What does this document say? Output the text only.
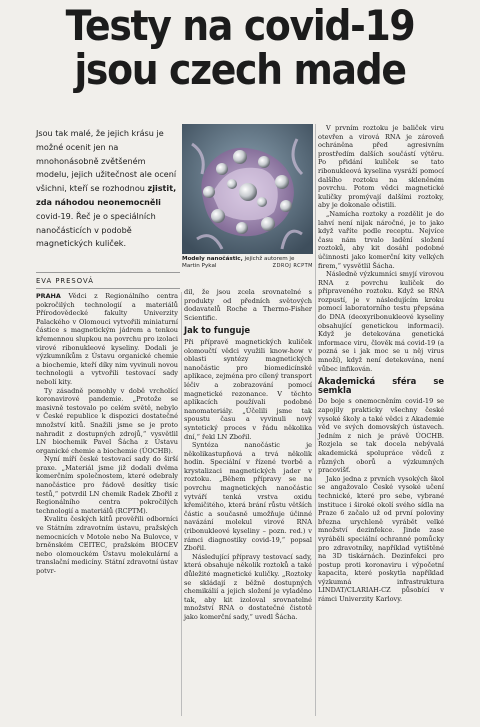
Testy na covid-19
jsou czech made
Jsou tak malé, že jejich krásu je možné ocenit jen na mnohonásobně zvětšeném modelu, jejich užitečnost ale ocení všichni, kteří se rozhodnou zjistit, zda náhodou neonemocněli covid-19. Řeč je o speciálních nanočásticích v podobě magnetických kuliček.
EVA PRESOVÁ
Modely nanočástic, jejichž autorem je Martin Pykal	ZDROJ RCPTM

PRAHA Vědci z Regionálního centra pokročilých technologií a materiálů Přírodovědecké fakulty Univerzity Palackého v Olomouci vytvořili miniaturní částice s magnetickým jádrem a tenkou křemennou slupkou na povrchu pro izolaci virové ribonukleové kyseliny. Dodali je výzkumníkům z Ústavu organické chemie a biochemie, kteří díky nim vyvinuli novou technologii a vytvořili testovací sady nebolí kity.

Ty zásadně pomohly v době vrcholící koronavirové pandemie. „Protože se masivně testovalo po celém světě, nebylo v České republice k dispozici dostatečné množství kitů. Snažili jsme se je proto nahradit z dostupných zdrojů,“ vysvětlil LN biochemik Pavel Šácha z Ústavu organické chemie a biochemie (ÚOCHB).

Nyní míří české testovací sady do širší praxe. „Materiál jsme již dodali dvěma komerčním společnostem, které odebraly nanočástice pro řádově desítky tisíc testů,“ potvrdil LN chemik Radek Zbořil z Regionálního centra pokročilých technologií a materiálů (RCPTM).

Kvalitu českých kitů prověřili odborníci ve Státním zdravotním ústavu, pražských nemocnicích v Motole nebo Na Bulovce, v brněnském CEITEC, pražském BIOCEV nebo olomouckém Ústavu molekulární a translační medicíny. Státní zdravotní ústav potvr-

dil, že jsou zcela srovnatelné s produkty od předních světových dodavatelů Roche a Thermo-Fisher Scientific.

Jak to funguje

Při přípravě magnetických kuliček olomoučtí vědci využili know-how v oblasti syntézy magnetických nanočástic pro biomedicínské aplikace, zejména pro cílený transport léčiv a zobrazování pomocí magnetické rezonance. V těchto aplikacích používali podobné nanomateriály. „Účelili jsme tak spoustu času a vyvinuli nový syntetický proces v řádu několika dní,“ řekl LN Zbořil.

Syntéza nanočástic je několikastupňová a trvá několik hodin. Speciální v řízené tvorbě a krystalizaci magnetických jader v roztoku. „Během přípravy se na povrchu magnetických nanočástic vytváří tenká vrstva oxidu křemičitého, která brání růstu větších částic a současně umožňuje účinné navázání molekul virové RNA (ribonukleové kyseliny – pozn. red.) v rámci diagnostiky covid-19,“ popsal Zbořil.

Následující přípravy testovací sady, která obsahuje několik roztoků a také důležité magnetické kuličky. „Roztoky se skládají z běžně dostupných chemikálií a jejich složení je vyladěno tak, aby kit izoloval srovnatelné množství RNA o dostatečné čistotě jako komerční sady,“ uvedl Šácha.

V prvním roztoku je baliček viru otevřen a virová RNA je zároveň ochráněna před agresivním prostředím dalších součástí výtěru. Po přidání kuliček se tato ribonukleová kyselina vysráží pomocí dalšího roztoku na skleněném povrchu. Potom vědci magnetické kuličky promývají dalšími roztoky, aby je dokonale očistili.

„Namícha roztoky a rozdělit je do lahví není nijak náročné, je to jako když vaříte podle receptu. Nejvíce času nám trvalo ladění složení roztoků, aby kit dosáhl podobné účinnosti jako komerční kity velkých firem,“ vysvětlil Šácha.

Následně výzkumníci smyjí virovou RNA z povrchu kuliček do připraveného roztoku. Když se RNA rozpustí, je v následujícím kroku pomocí laboratorního testu přepsána do DNA (deoxyribonukleové kyseliny obsahující genetickou informaci). Když je detekována genetická informace viru, člověk má covid-19 (a pozná se i jak moc se u něj virus množí), když není detekována, není vůbec infikován.

Akademická sféra se semkla

Do boje s onemocněním covid-19 se zapojily prakticky všechny české vysoké školy a také vědci z Akademie věd ve svých domovských ústavech. Jedním z nich je právě ÚOCHB. Rozjela se tak docela nebývalá akademická spolupráce vědců z různých oborů a výzkumných pracovišť.

Jako jedna z prvních vysokých škol se angažovalo České vysoké učení technické, které pro sebe, vybrané instituce i široké okolí svého sídla na Praze 6 začalo už od první poloviny března urychleně vyrábět velké množství dezinfekce. Jinde zase vyráběli speciální ochranné pomůcky pro zdravotníky, například vytištěné na 3D tiskárnách. Dezinfekci pro postup proti koronaviru i výpočetní kapacita, které poskytla například výzkumná infrastruktura LINDAT/CLARIAH-CZ působící v rámci Univerzity Karlovy.
